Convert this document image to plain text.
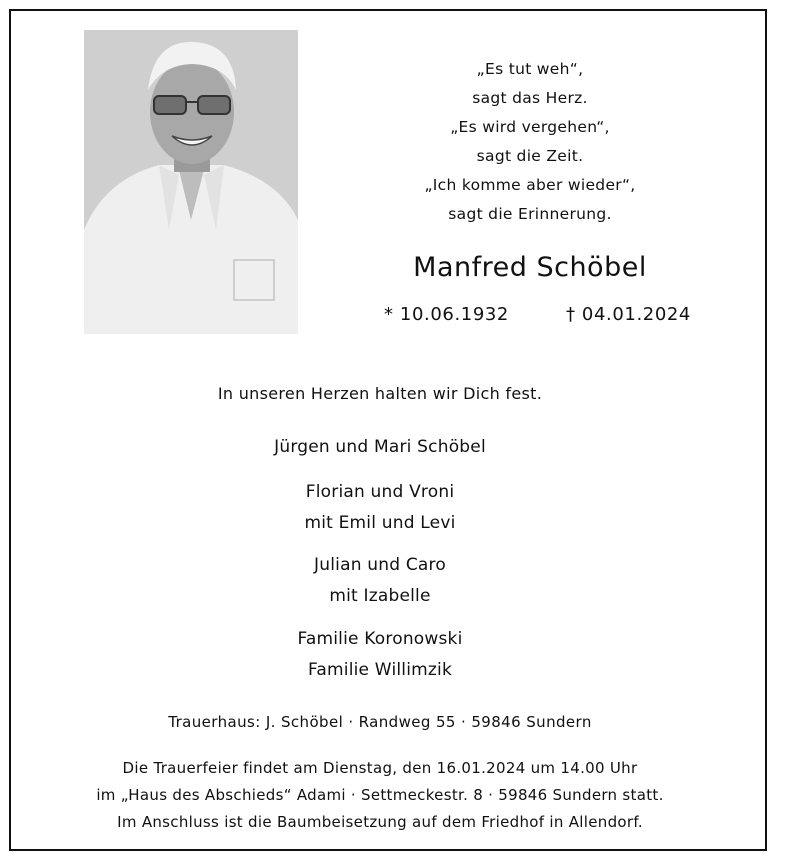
„Es tut weh“,
sagt das Herz.
„Es wird vergehen“,
sagt die Zeit.
„Ich komme aber wieder“,
sagt die Erinnerung.
Manfred Schöbel
* 10.06.1932	† 04.01.2024
In unseren Herzen halten wir Dich fest.
Jürgen und Mari Schöbel
Florian und Vroni
mit Emil und Levi
Julian und Caro
mit Izabelle
Familie Koronowski
Familie Willimzik
Trauerhaus: J. Schöbel · Randweg 55 · 59846 Sundern
Die Trauerfeier findet am Dienstag, den 16.01.2024 um 14.00 Uhr
im „Haus des Abschieds“ Adami · Settmeckestr. 8 · 59846 Sundern statt.
Im Anschluss ist die Baumbeisetzung auf dem Friedhof in Allendorf.
